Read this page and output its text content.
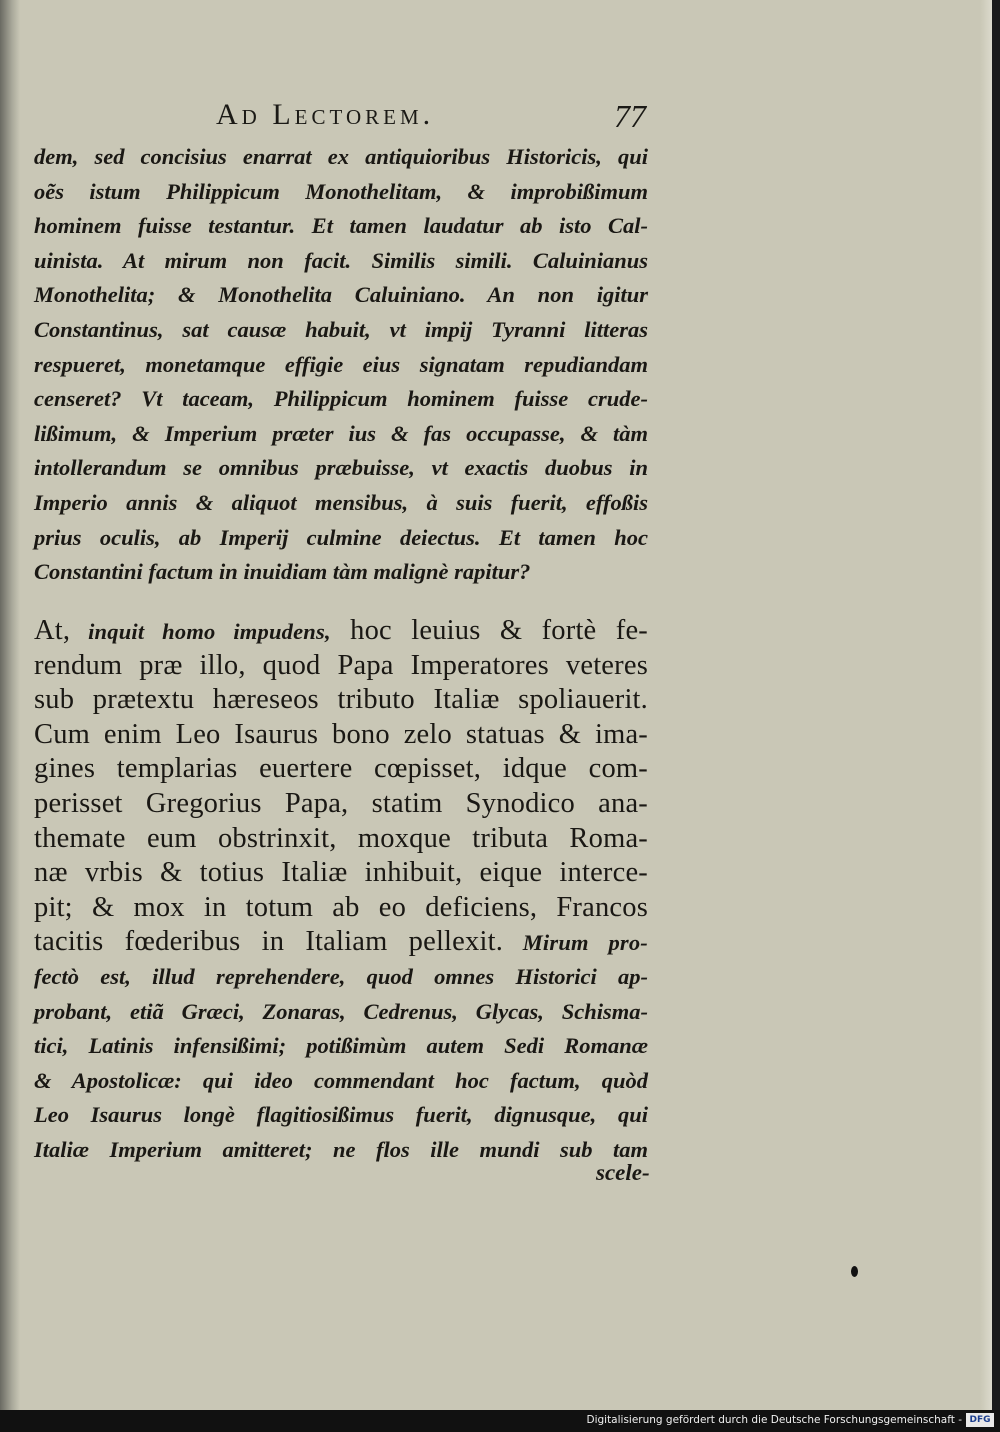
Ad Lectorem.	77
dem, sed concisius enarrat ex antiquioribus Historicis, qui
oẽs istum Philippicum Monothelitam, & improbißimum
hominem fuisse testantur. Et tamen laudatur ab isto Cal-
uinista. At mirum non facit. Similis simili. Caluinianus
Monothelita; & Monothelita Caluiniano. An non igitur
Constantinus, sat causæ habuit, vt impij Tyranni litteras
respueret, monetamque effigie eius signatam repudiandam
censeret? Vt taceam, Philippicum hominem fuisse crude-
lißimum, & Imperium præter ius & fas occupasse, & tàm
intollerandum se omnibus præbuisse, vt exactis duobus in
Imperio annis & aliquot mensibus, à suis fuerit, effoßis
prius oculis, ab Imperij culmine deiectus. Et tamen hoc
Constantini factum in inuidiam tàm malignè rapitur?
At, inquit homo impudens, hoc leuius & fortè fe-
rendum præ illo, quod Papa Imperatores veteres
sub prætextu hæreseos tributo Italiæ spoliauerit.
Cum enim Leo Isaurus bono zelo statuas & ima-
gines templarias euertere cœpisset, idque com-
perisset Gregorius Papa, statim Synodico ana-
themate eum obstrinxit, moxque tributa Roma-
næ vrbis & totius Italiæ inhibuit, eique interce-
pit; & mox in totum ab eo deficiens, Francos
tacitis fœderibus in Italiam pellexit. Mirum pro-
fectò est, illud reprehendere, quod omnes Historici ap-
probant, etiã Græci, Zonaras, Cedrenus, Glycas, Schisma-
tici, Latinis infensißimi; potißimùm autem Sedi Romanæ
& Apostolicæ: qui ideo commendant hoc factum, quòd
Leo Isaurus longè flagitiosißimus fuerit, dignusque, qui
Italiæ Imperium amitteret; ne flos ille mundi sub tam
scele-
Digitalisierung gefördert durch die Deutsche Forschungsgemeinschaft - DFG
